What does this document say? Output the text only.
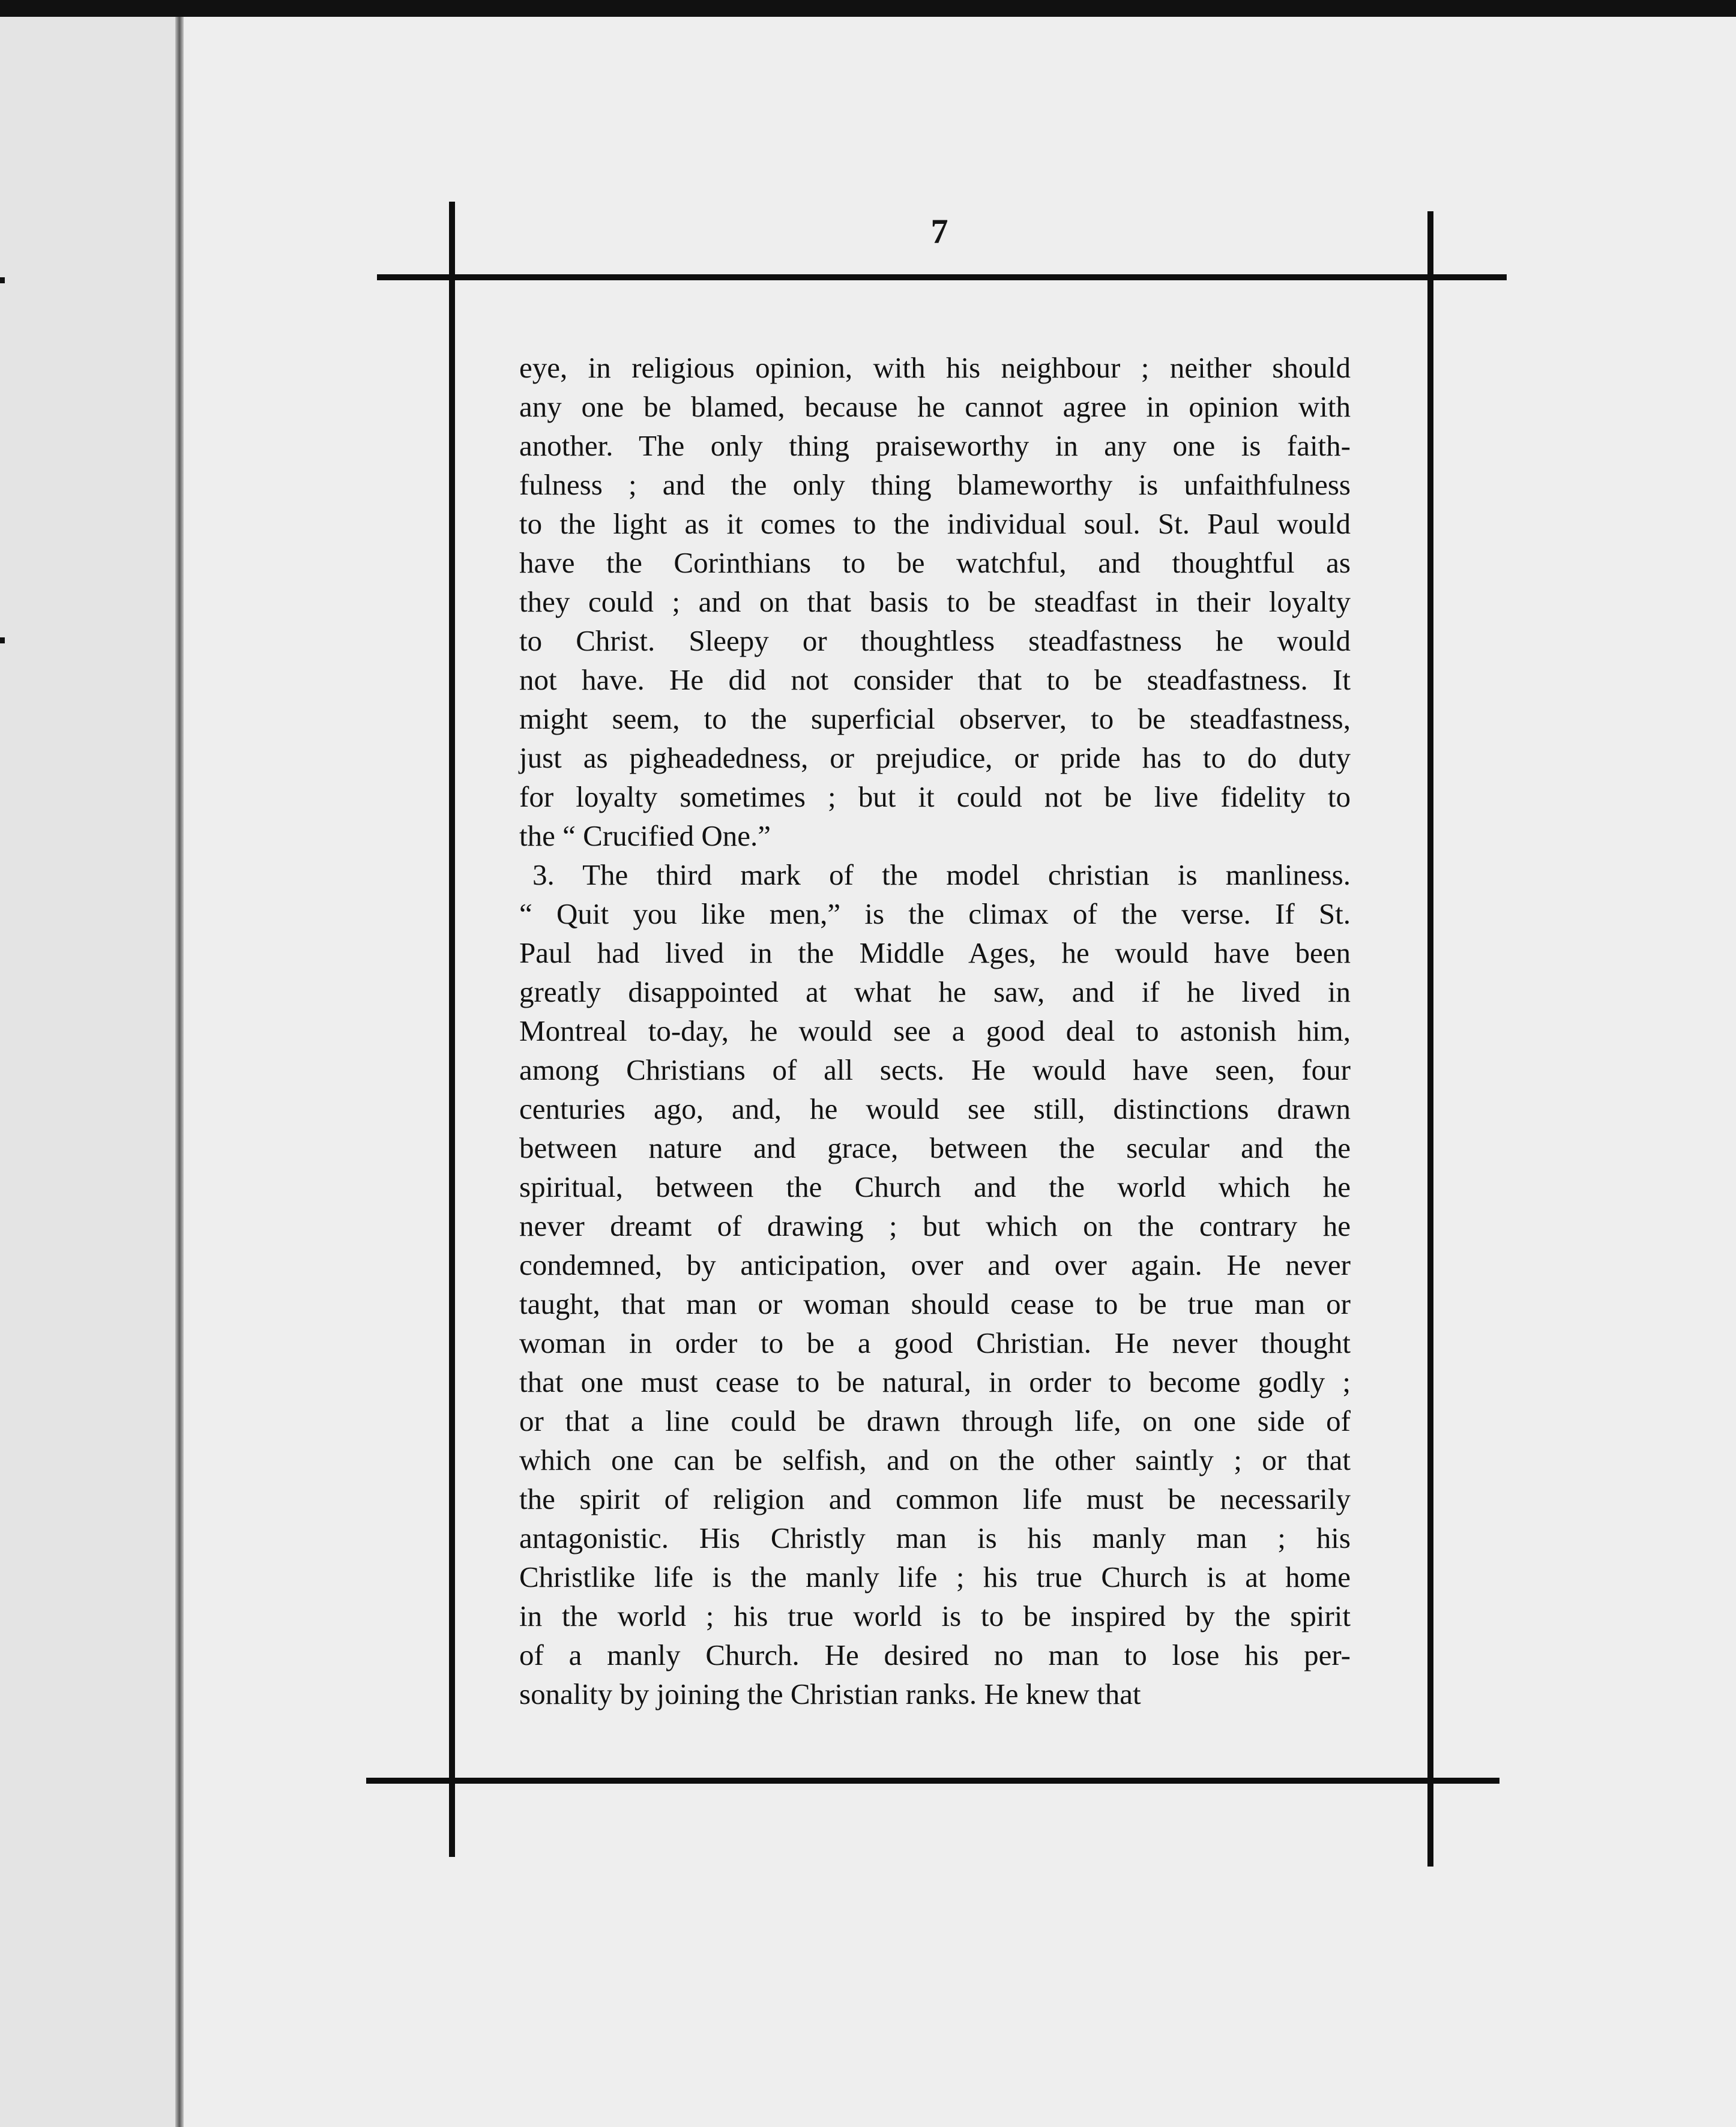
7
eye, in religious opinion, with his neighbour ; neither should
any one be blamed, because he cannot agree in opinion with
another. The only thing praiseworthy in any one is faith-
fulness ; and the only thing blameworthy is unfaithfulness
to the light as it comes to the individual soul. St. Paul would
have the Corinthians to be watchful, and thoughtful as
they could ; and on that basis to be steadfast in their loyalty
to Christ. Sleepy or thoughtless steadfastness he would
not have. He did not consider that to be steadfastness. It
might seem, to the superficial observer, to be steadfastness,
just as pigheadedness, or prejudice, or pride has to do duty
for loyalty sometimes ; but it could not be live fidelity to
the “ Crucified One.”
3. The third mark of the model christian is manliness.
“ Quit you like men,” is the climax of the verse. If St.
Paul had lived in the Middle Ages, he would have been
greatly disappointed at what he saw, and if he lived in
Montreal to-day, he would see a good deal to astonish him,
among Christians of all sects. He would have seen, four
centuries ago, and, he would see still, distinctions drawn
between nature and grace, between the secular and the
spiritual, between the Church and the world which he
never dreamt of drawing ; but which on the contrary he
condemned, by anticipation, over and over again. He never
taught, that man or woman should cease to be true man or
woman in order to be a good Christian. He never thought
that one must cease to be natural, in order to become godly ;
or that a line could be drawn through life, on one side of
which one can be selfish, and on the other saintly ; or that
the spirit of religion and common life must be necessarily
antagonistic. His Christly man is his manly man ; his
Christlike life is the manly life ; his true Church is at home
in the world ; his true world is to be inspired by the spirit
of a manly Church. He desired no man to lose his per-
sonality by joining the Christian ranks. He knew that
